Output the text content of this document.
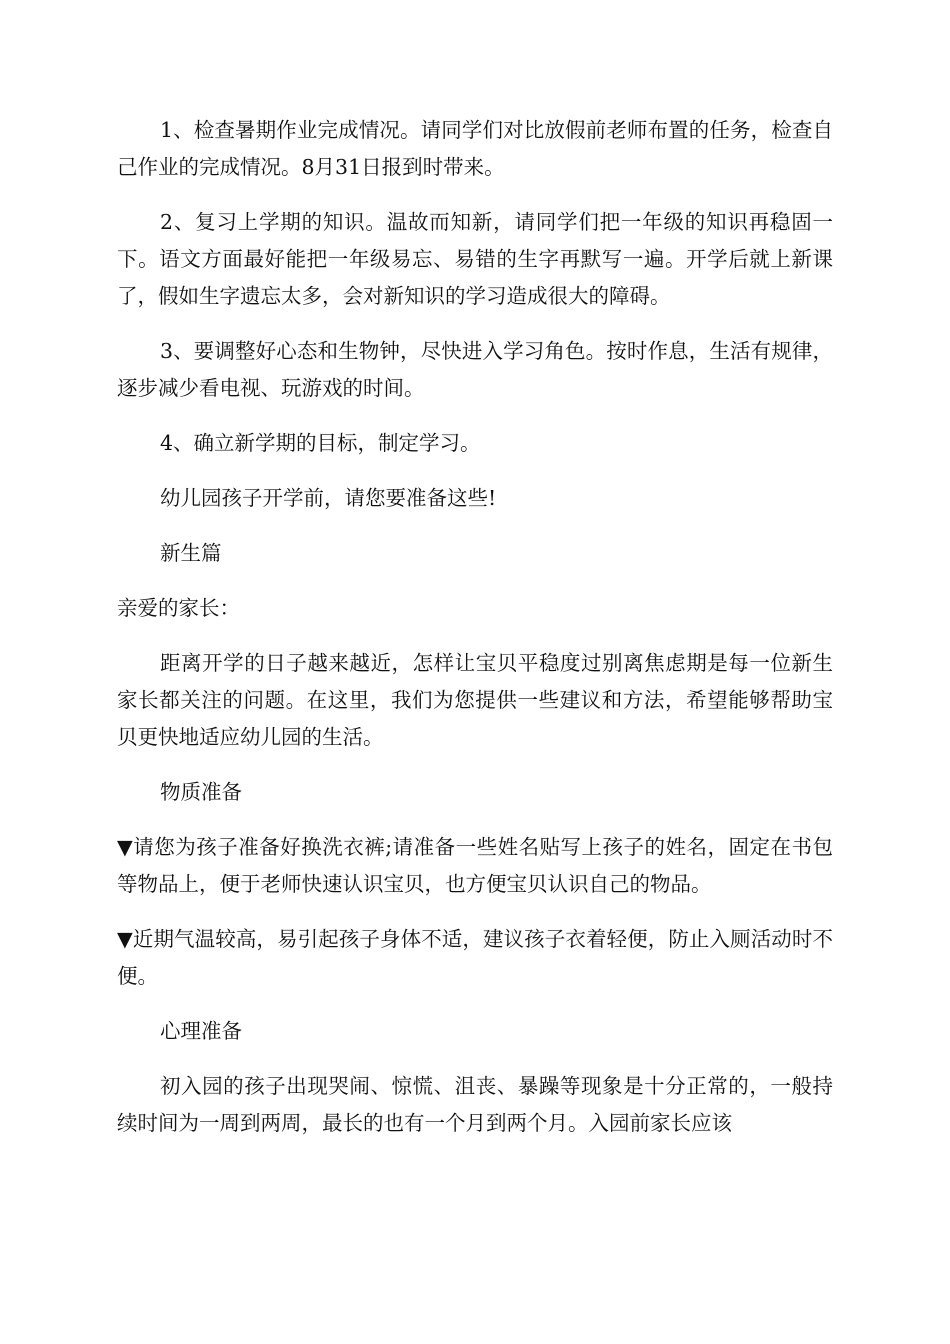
1、检查暑期作业完成情况。请同学们对比放假前老师布置的任务，检查自己作业的完成情况。8月31日报到时带来。

2、复习上学期的知识。温故而知新，请同学们把一年级的知识再稳固一下。语文方面最好能把一年级易忘、易错的生字再默写一遍。开学后就上新课了，假如生字遗忘太多，会对新知识的学习造成很大的障碍。

3、要调整好心态和生物钟，尽快进入学习角色。按时作息，生活有规律，逐步减少看电视、玩游戏的时间。

4、确立新学期的目标，制定学习。

幼儿园孩子开学前，请您要准备这些!

新生篇

亲爱的家长：

距离开学的日子越来越近，怎样让宝贝平稳度过别离焦虑期是每一位新生家长都关注的问题。在这里，我们为您提供一些建议和方法，希望能够帮助宝贝更快地适应幼儿园的生活。

物质准备

▼请您为孩子准备好换洗衣裤;请准备一些姓名贴写上孩子的姓名，固定在书包等物品上，便于老师快速认识宝贝，也方便宝贝认识自己的物品。

▼近期气温较高，易引起孩子身体不适，建议孩子衣着轻便，防止入厕活动时不便。

心理准备

初入园的孩子出现哭闹、惊慌、沮丧、暴躁等现象是十分正常的，一般持续时间为一周到两周，最长的也有一个月到两个月。入园前家长应该
